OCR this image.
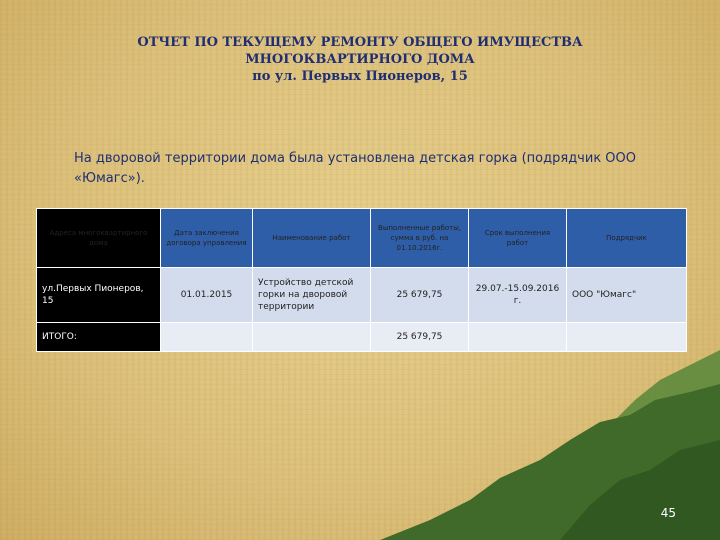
ОТЧЕТ ПО ТЕКУЩЕМУ РЕМОНТУ ОБЩЕГО ИМУЩЕСТВА
МНОГОКВАРТИРНОГО ДОМА
по ул. Первых Пионеров, 15
На дворовой территории дома была установлена детская горка (подрядчик ООО
«Юмагс»).
Адреса многоквартирного дома	Дата заключения договора управления	Наименование работ	Выполненные работы, сумма в руб. на 01.10.2016г.	Срок выполнения работ	Подрядчик
ул.Первых Пионеров, 15	01.01.2015	Устройство детской горки на дворовой территории	25 679,75	29.07.-15.09.2016г.	ООО "Юмагс"
ИТОГО:			25 679,75		
45
